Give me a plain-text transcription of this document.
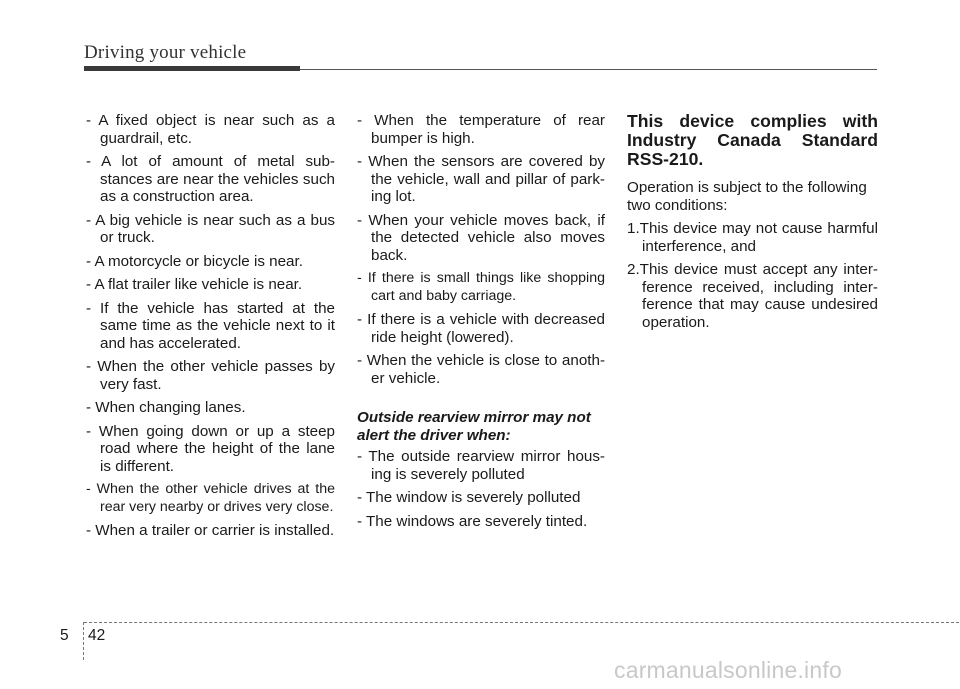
Driving your vehicle
- A fixed object is near such as a guardrail, etc.
- A lot of amount of metal sub-stances are near the vehicles such as a construction area.
- A big vehicle is near such as a bus or truck.
- A motorcycle or bicycle is near.
- A flat trailer like vehicle is near.
- If the vehicle has started at the same time as the vehicle next to it and has accelerated.
- When the other vehicle passes by very fast.
- When changing lanes.
- When going down or up a steep road where the height of the lane is different.
- When the other vehicle drives at the rear very nearby or drives very close.
- When a trailer or carrier is installed.
- When the temperature of rear bumper is high.
- When the sensors are covered by the vehicle, wall and pillar of park-ing lot.
- When your vehicle moves back, if the detected vehicle also moves back.
- If there is small things like shopping cart and baby carriage.
- If there is a vehicle with decreased ride height (lowered).
- When the vehicle is close to anoth-er vehicle.
Outside rearview mirror may not alert the driver when:
- The outside rearview mirror hous-ing is severely polluted
- The window is severely polluted
- The windows are severely tinted.
This device complies with Industry Canada Standard RSS-210.
Operation is subject to the following two conditions:
1.This device may not cause harmful interference, and
2.This device must accept any inter-ference received, including inter-ference that may cause undesired operation.
5 42
carmanualsonline.info
